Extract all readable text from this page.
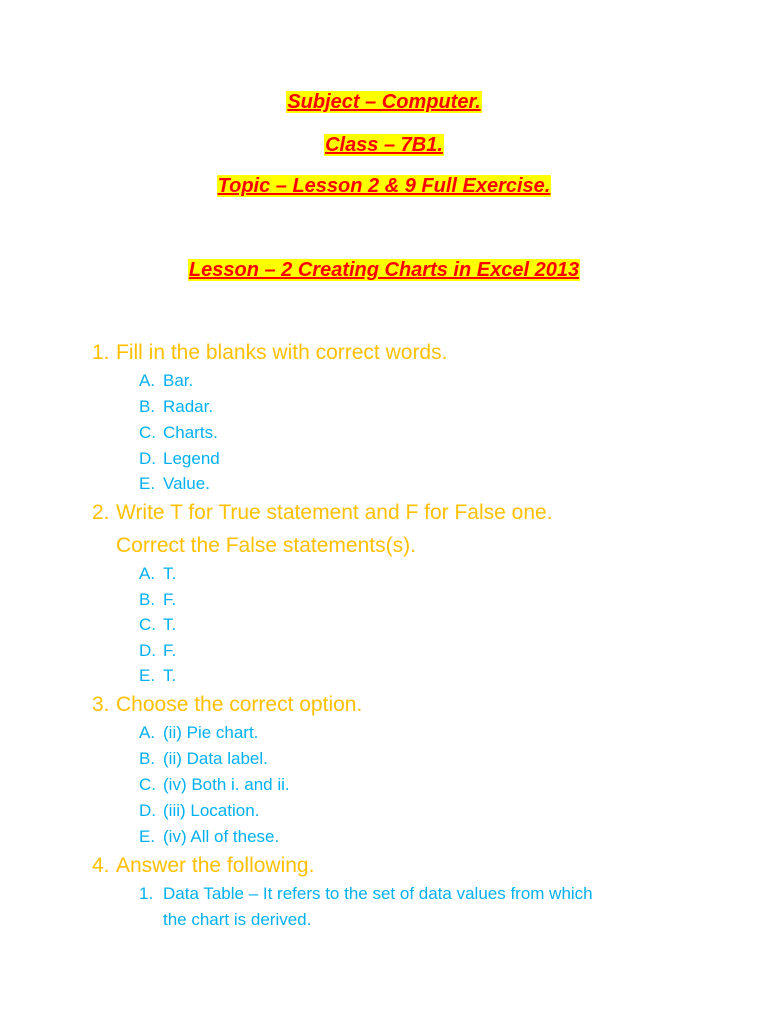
Subject – Computer.
Class – 7B1.
Topic – Lesson 2 & 9 Full Exercise.
Lesson – 2 Creating Charts in Excel 2013
1. Fill in the blanks with correct words.
A. Bar.
B. Radar.
C. Charts.
D. Legend
E. Value.
2. Write T for True statement and F for False one.
Correct the False statements(s).
A. T.
B. F.
C. T.
D. F.
E. T.
3. Choose the correct option.
A. (ii) Pie chart.
B. (ii) Data label.
C. (iv) Both i. and ii.
D. (iii) Location.
E. (iv) All of these.
4. Answer the following.
1. Data Table – It refers to the set of data values from which
the chart is derived.
